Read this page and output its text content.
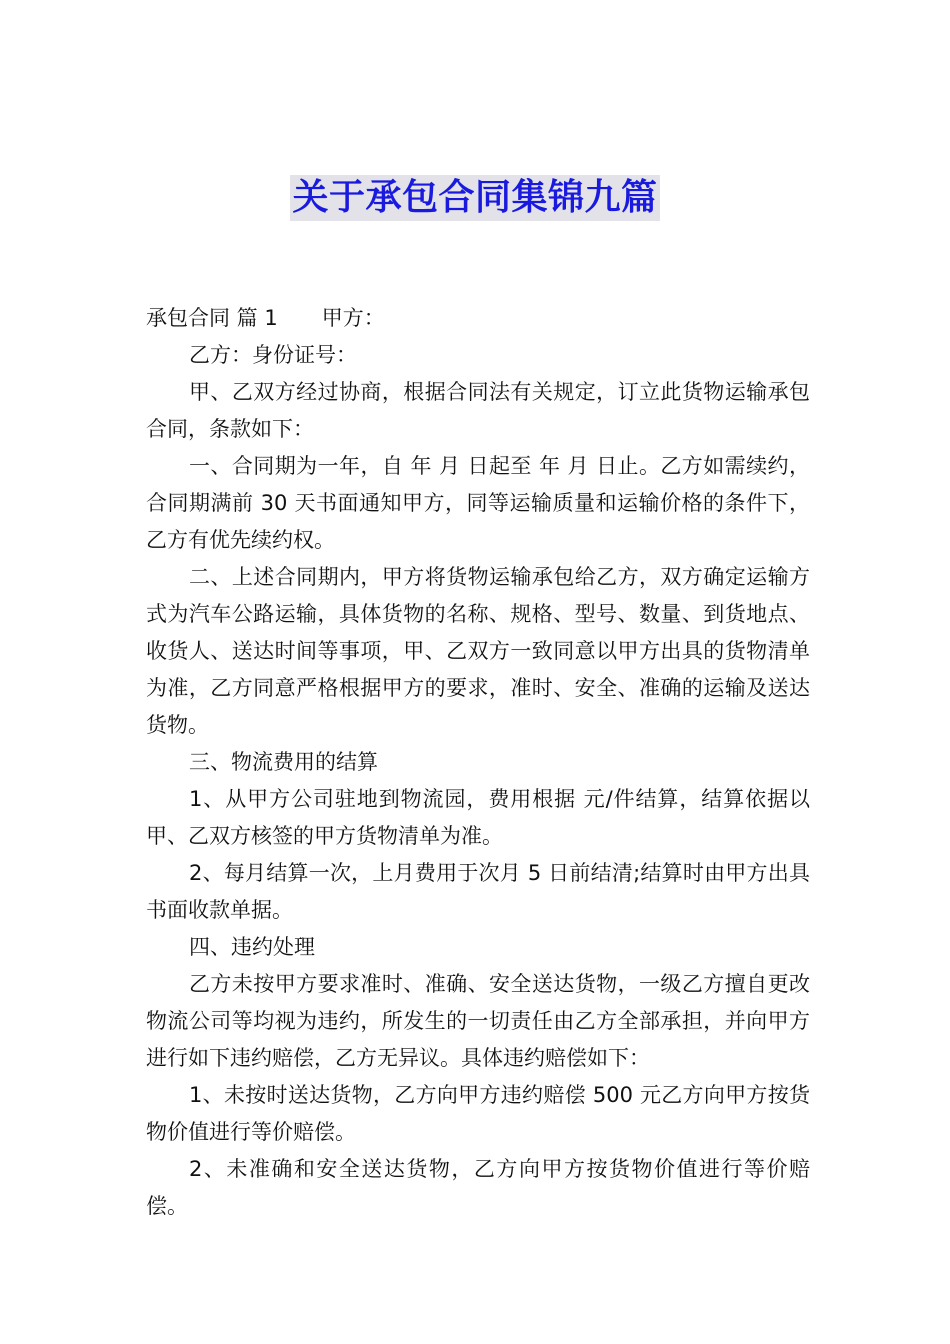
关于承包合同集锦九篇

承包合同 篇 1 甲方：

乙方：身份证号：

甲、乙双方经过协商，根据合同法有关规定，订立此货物运输承包合同，条款如下：

一、合同期为一年，自 年 月 日起至 年 月 日止。乙方如需续约，合同期满前 30 天书面通知甲方，同等运输质量和运输价格的条件下，乙方有优先续约权。

二、上述合同期内，甲方将货物运输承包给乙方，双方确定运输方式为汽车公路运输，具体货物的名称、规格、型号、数量、到货地点、收货人、送达时间等事项，甲、乙双方一致同意以甲方出具的货物清单为准，乙方同意严格根据甲方的要求，准时、安全、准确的运输及送达货物。

三、物流费用的结算

1、从甲方公司驻地到物流园，费用根据 元/件结算，结算依据以甲、乙双方核签的甲方货物清单为准。

2、每月结算一次，上月费用于次月 5 日前结清;结算时由甲方出具书面收款单据。

四、违约处理

乙方未按甲方要求准时、准确、安全送达货物，一级乙方擅自更改物流公司等均视为违约，所发生的一切责任由乙方全部承担，并向甲方进行如下违约赔偿，乙方无异议。具体违约赔偿如下：

1、未按时送达货物，乙方向甲方违约赔偿 500 元乙方向甲方按货物价值进行等价赔偿。

2、未准确和安全送达货物，乙方向甲方按货物价值进行等价赔偿。
